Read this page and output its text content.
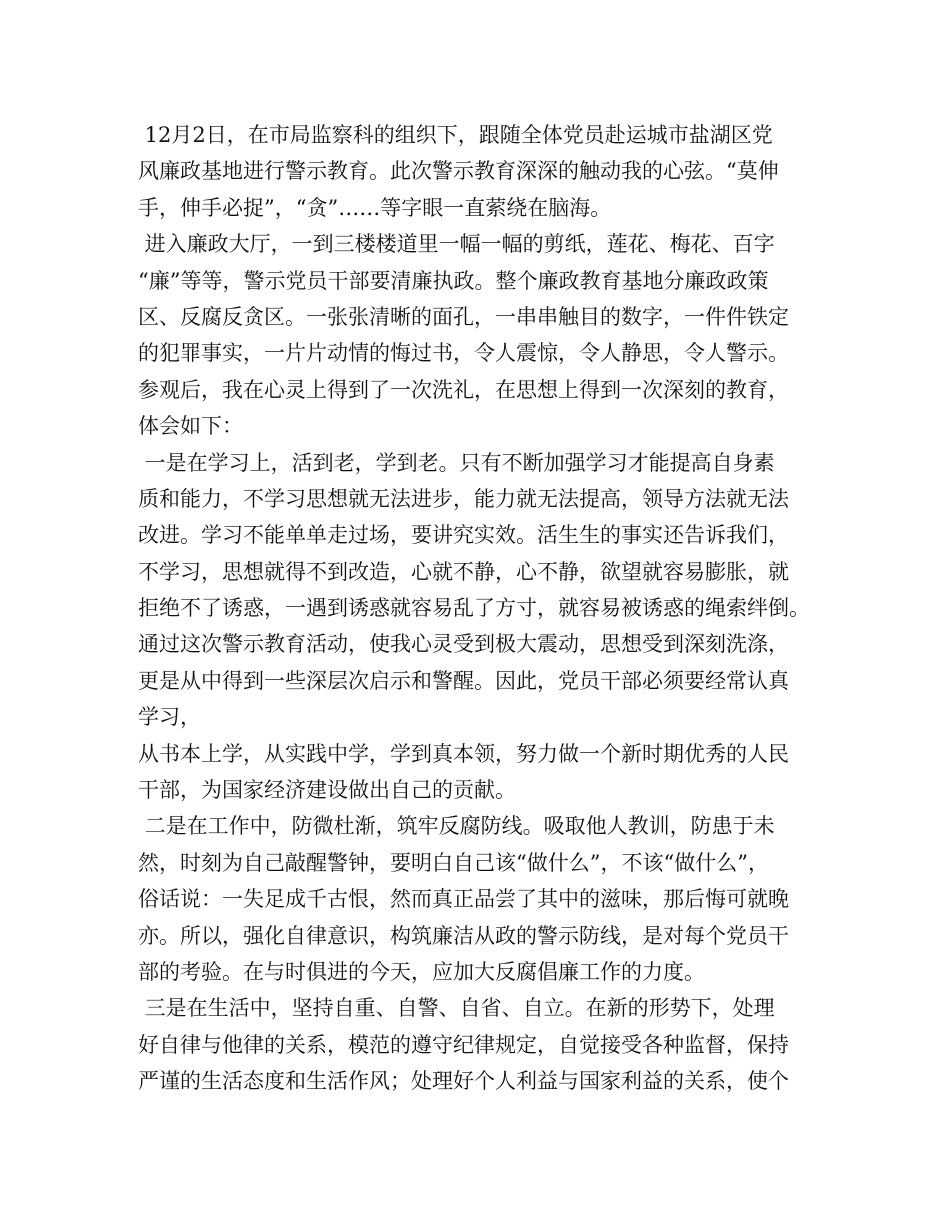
12月2日，在市局监察科的组织下，跟随全体党员赴运城市盐湖区党
风廉政基地进行警示教育。此次警示教育深深的触动我的心弦。“莫伸
手，伸手必捉”，“贪”……等字眼一直萦绕在脑海。
进入廉政大厅，一到三楼楼道里一幅一幅的剪纸，莲花、梅花、百字
“廉”等等，警示党员干部要清廉执政。整个廉政教育基地分廉政政策
区、反腐反贪区。一张张清晰的面孔，一串串触目的数字，一件件铁定
的犯罪事实，一片片动情的悔过书，令人震惊，令人静思，令人警示。
参观后，我在心灵上得到了一次洗礼，在思想上得到一次深刻的教育，
体会如下：
一是在学习上，活到老，学到老。只有不断加强学习才能提高自身素
质和能力，不学习思想就无法进步，能力就无法提高，领导方法就无法
改进。学习不能单单走过场，要讲究实效。活生生的事实还告诉我们，
不学习，思想就得不到改造，心就不静，心不静，欲望就容易膨胀，就
拒绝不了诱惑，一遇到诱惑就容易乱了方寸，就容易被诱惑的绳索绊倒。
通过这次警示教育活动，使我心灵受到极大震动，思想受到深刻洗涤，
更是从中得到一些深层次启示和警醒。因此，党员干部必须要经常认真
学习，
从书本上学，从实践中学，学到真本领，努力做一个新时期优秀的人民
干部，为国家经济建设做出自己的贡献。
二是在工作中，防微杜渐，筑牢反腐防线。吸取他人教训，防患于未
然，时刻为自己敲醒警钟，要明白自己该“做什么”，不该“做什么”，
俗话说：一失足成千古恨，然而真正品尝了其中的滋味，那后悔可就晚
亦。所以，强化自律意识，构筑廉洁从政的警示防线，是对每个党员干
部的考验。在与时俱进的今天，应加大反腐倡廉工作的力度。
三是在生活中，坚持自重、自警、自省、自立。在新的形势下，处理
好自律与他律的关系，模范的遵守纪律规定，自觉接受各种监督，保持
严谨的生活态度和生活作风；处理好个人利益与国家利益的关系，使个
